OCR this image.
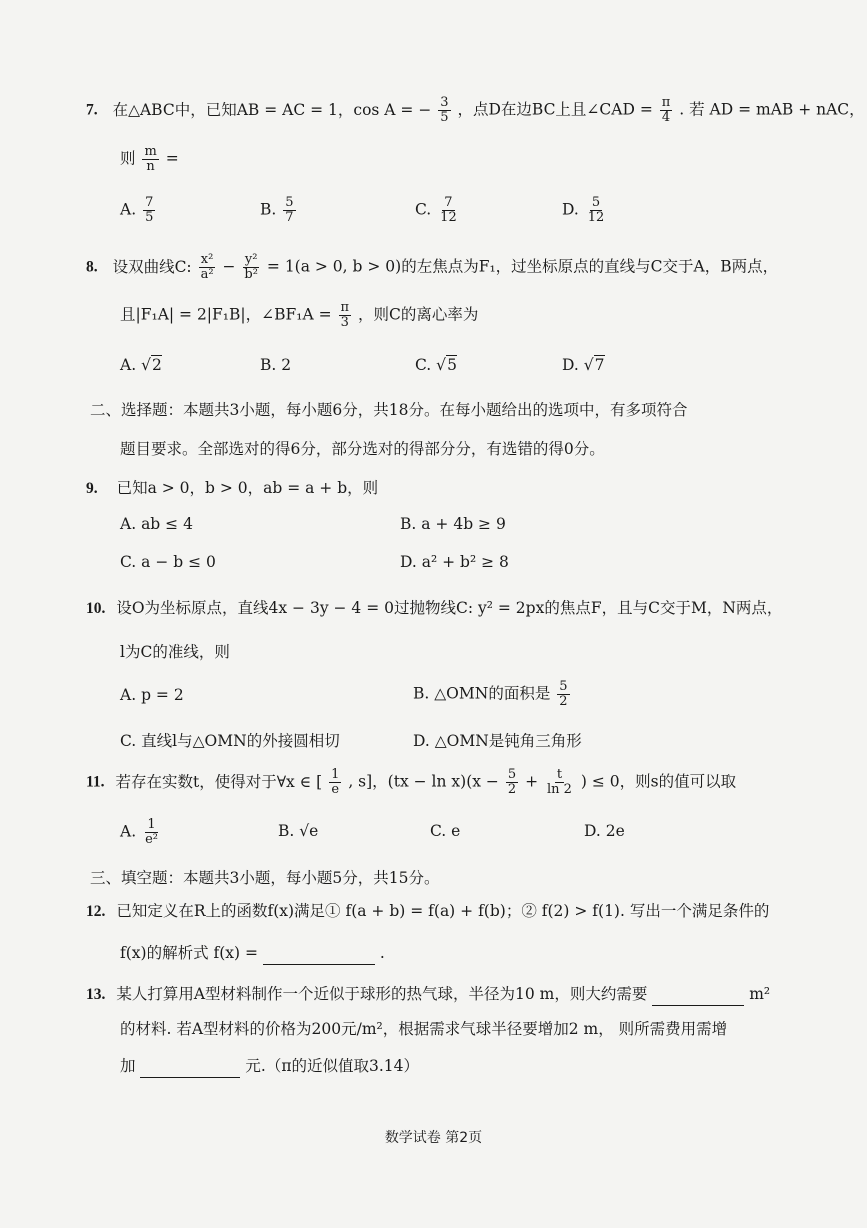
7. 在△ABC中，已知AB = AC = 1，cos A = − $\frac{3}{5}$ ，点D在边BC上且∠CAD = $\frac{\pi}{4}$ . 若 AD = mAB + nAC，
则 $\frac{m}{n}$ =
A. $\frac{7}{5}$	B. $\frac{5}{7}$	C. $\frac{7}{12}$	D. $\frac{5}{12}$
8. 设双曲线C: $\frac{\text{x²}}{\text{a²}} - \frac{\text{y²}}{\text{b²}} = 1(a > 0$, b > 0)的左焦点为F₁，过坐标原点的直线与C交于A，B两点，
且|F₁A| = 2|F₁B|，∠BF₁A = $\frac{\pi}{3}$ ，则C的离心率为
A. √2	B. 2	C. √5	D. √7
二、选择题：本题共3小题，每小题6分，共18分。在每小题给出的选项中，有多项符合
题目要求。全部选对的得6分，部分选对的得部分分，有选错的得0分。
9. 已知a > 0，b > 0，ab = a + b，则
A. ab ≤ 4	B. a + 4b ≥ 9
C. a − b ≤ 0	D. a² + b² ≥ 8
10. 设O为坐标原点，直线4x − 3y − 4 = 0过抛物线C: y² = 2px的焦点F，且与C交于M，N两点，
l为C的准线，则
A. p = 2	B. △OMN的面积是 $\frac{5}{2}$
C. 直线l与△OMN的外接圆相切	D. △OMN是钝角三角形
11. 若存在实数t，使得对于∀x ∈ [ $\frac{1}{e}$ , s]，$(tx - \ln x)(x - \frac{5}{2} + \frac{t}{\ln 2}$ ) ≤ 0，则s的值可以取
A. $\frac{1}{\text{e²}}$	B. √e	C. e	D. 2e
三、填空题：本题共3小题，每小题5分，共15分。
12. 已知定义在R上的函数f(x)满足① f(a + b) = f(a) + f(b)；② f(2) > f(1). 写出一个满足条件的
f(x)的解析式 f(x) =	.
13. 某人打算用A型材料制作一个近似于球形的热气球，半径为10 m，则大约需要	m²
的材料. 若A型材料的价格为200元/m²，根据需求气球半径要增加2 m， 则所需费用需增
加	元.（π的近似值取3.14）
数学试卷 第2页
